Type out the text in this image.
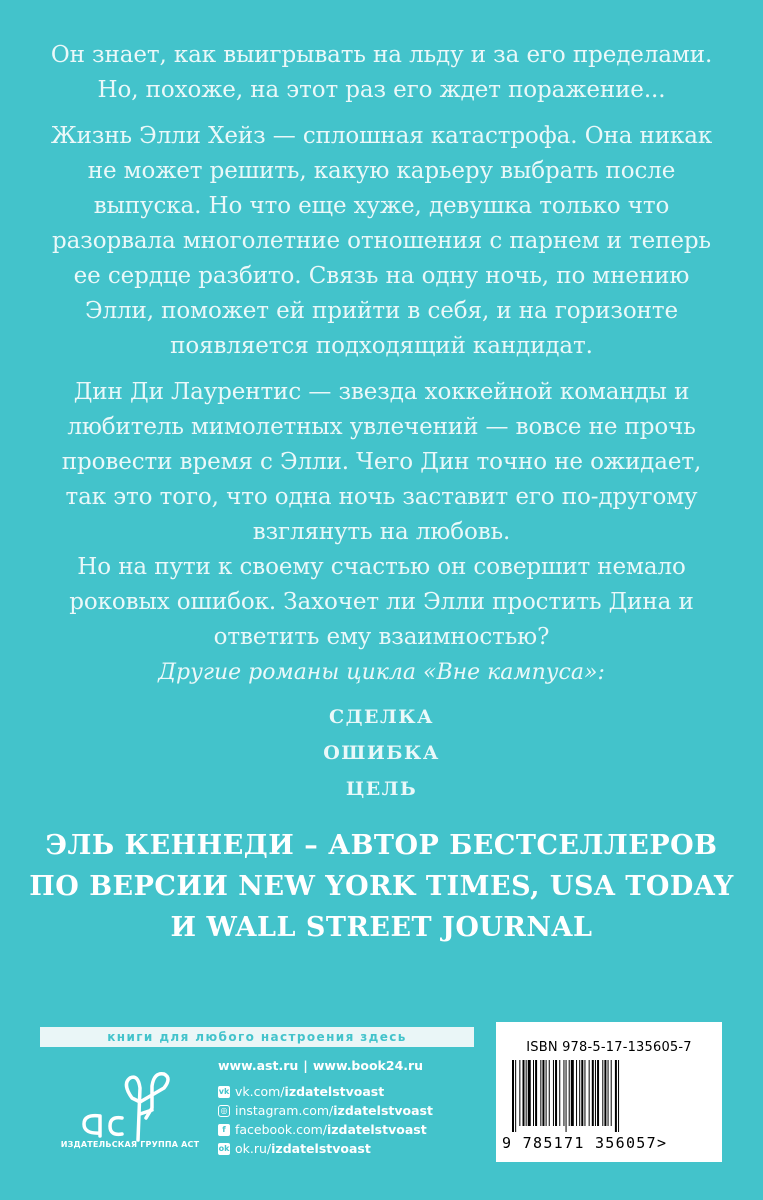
Он знает, как выигрывать на льду и за его пределами. Но, похоже, на этот раз его ждет поражение...

Жизнь Элли Хейз — сплошная катастрофа. Она никак не может решить, какую карьеру выбрать после выпуска. Но что еще хуже, девушка только что разорвала многолетние отношения с парнем и теперь ее сердце разбито. Связь на одну ночь, по мнению Элли, поможет ей прийти в себя, и на горизонте появляется подходящий кандидат.

Дин Ди Лаурентис — звезда хоккейной команды и любитель мимолетных увлечений — вовсе не прочь провести время с Элли. Чего Дин точно не ожидает, так это того, что одна ночь заставит его по-другому взглянуть на любовь.

Но на пути к своему счастью он совершит немало роковых ошибок. Захочет ли Элли простить Дина и ответить ему взаимностью?

Другие романы цикла «Вне кампуса»:
СДЕЛКА
ОШИБКА
ЦЕЛЬ
ЭЛЬ КЕННЕДИ – АВТОР БЕСТСЕЛЛЕРОВ
ПО ВЕРСИИ NEW YORK TIMES, USA TODAY
И WALL STREET JOURNAL
книги для любого настроения здесь
ИЗДАТЕЛЬСКАЯ ГРУППА АСТ
www.ast.ru | www.book24.ru
vk vk.com/ izdatelstvoast
◎ instagram.com/ izdatelstvoast
f facebook.com/ izdatelstvoast
ok ok.ru/ izdatelstvoast
ISBN 978-5-17-135605-7
9 785171 356057>
